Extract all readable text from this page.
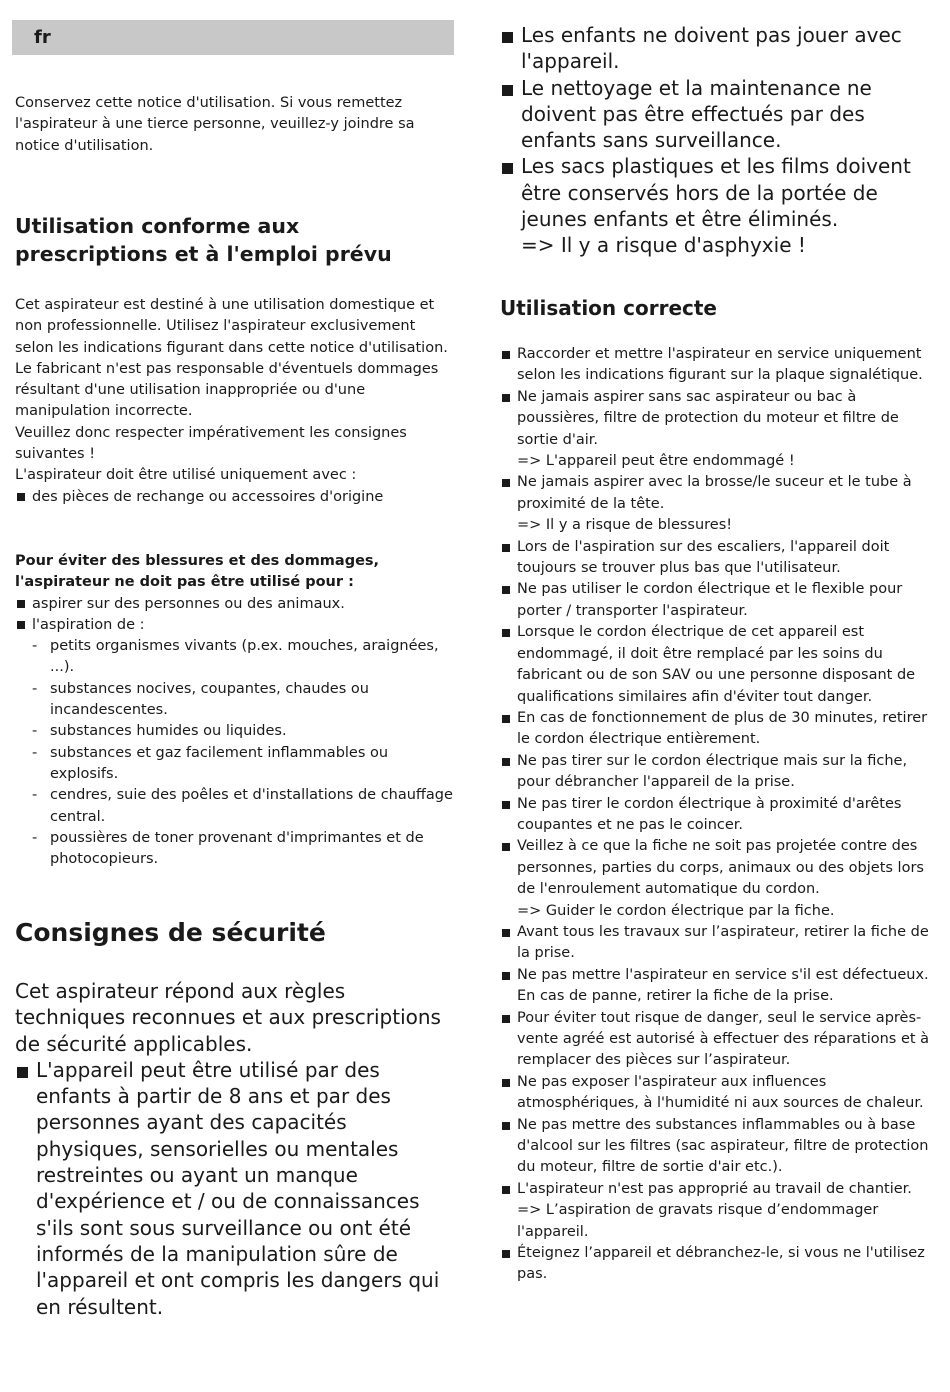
fr
Conservez cette notice d'utilisation. Si vous remettez l'aspirateur à une tierce personne, veuillez-y joindre sa notice d'utilisation.
Utilisation conforme aux prescriptions et à l'emploi prévu
Cet aspirateur est destiné à une utilisation domestique et non professionnelle. Utilisez l'aspirateur exclusivement selon les indications figurant dans cette notice d'utilisation. Le fabricant n'est pas responsable d'éventuels dommages résultant d'une utilisation inappropriée ou d'une manipulation incorrecte.
Veuillez donc respecter impérativement les consignes suivantes !
L'aspirateur doit être utilisé uniquement avec :
des pièces de rechange ou accessoires d'origine
Pour éviter des blessures et des dommages, l'aspirateur ne doit pas être utilisé pour :
aspirer sur des personnes ou des animaux.
l'aspiration de :
- petits organismes vivants (p.ex. mouches, araignées, ...).
- substances nocives, coupantes, chaudes ou incandescentes.
- substances humides ou liquides.
- substances et gaz facilement inflammables ou explosifs.
- cendres, suie des poêles et d'installations de chauffage central.
- poussières de toner provenant d'imprimantes et de photocopieurs.
Consignes de sécurité
Cet aspirateur répond aux règles techniques reconnues et aux prescriptions de sécurité applicables.
L'appareil peut être utilisé par des enfants à partir de 8 ans et par des personnes ayant des capacités physiques, sensorielles ou mentales restreintes ou ayant un manque d'expérience et / ou de connaissances s'ils sont sous surveillance ou ont été informés de la manipulation sûre de l'appareil et ont compris les dangers qui en résultent.
Les enfants ne doivent pas jouer avec l'appareil.
Le nettoyage et la maintenance ne doivent pas être effectués par des enfants sans surveillance.
Les sacs plastiques et les films doivent être conservés hors de la portée de jeunes enfants et être éliminés.
=> Il y a risque d'asphyxie !
Utilisation correcte
Raccorder et mettre l'aspirateur en service uniquement selon les indications figurant sur la plaque signalétique.
Ne jamais aspirer sans sac aspirateur ou bac à poussières, filtre de protection du moteur et filtre de sortie d'air.
=> L'appareil peut être endommagé !
Ne jamais aspirer avec la brosse/le suceur et le tube à proximité de la tête.
=> Il y a risque de blessures!
Lors de l'aspiration sur des escaliers, l'appareil doit toujours se trouver plus bas que l'utilisateur.
Ne pas utiliser le cordon électrique et le flexible pour porter / transporter l'aspirateur.
Lorsque le cordon électrique de cet appareil est endommagé, il doit être remplacé par les soins du fabricant ou de son SAV ou une personne disposant de qualifications similaires afin d'éviter tout danger.
En cas de fonctionnement de plus de 30 minutes, retirer le cordon électrique entièrement.
Ne pas tirer sur le cordon électrique mais sur la fiche, pour débrancher l'appareil de la prise.
Ne pas tirer le cordon électrique à proximité d'arêtes coupantes et ne pas le coincer.
Veillez à ce que la fiche ne soit pas projetée contre des personnes, parties du corps, animaux ou des objets lors de l'enroulement automatique du cordon.
=> Guider le cordon électrique par la fiche.
Avant tous les travaux sur l’aspirateur, retirer la fiche de la prise.
Ne pas mettre l'aspirateur en service s'il est défectueux. En cas de panne, retirer la fiche de la prise.
Pour éviter tout risque de danger, seul le service après-vente agréé est autorisé à effectuer des réparations et à remplacer des pièces sur l’aspirateur.
Ne pas exposer l'aspirateur aux influences atmosphériques, à l'humidité ni aux sources de chaleur.
Ne pas mettre des substances inflammables ou à base d'alcool sur les filtres (sac aspirateur, filtre de protection du moteur, filtre de sortie d'air etc.).
L'aspirateur n'est pas approprié au travail de chantier.
=> L’aspiration de gravats risque d’endommager l'appareil.
Éteignez l’appareil et débranchez-le, si vous ne l'utilisez pas.
